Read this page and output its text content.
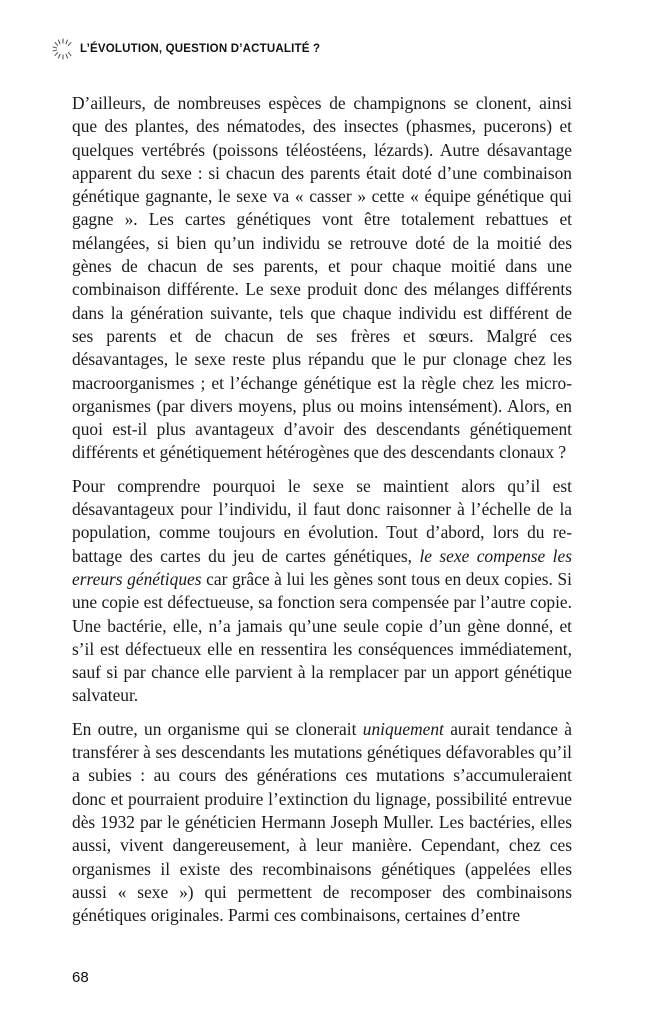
L’ÉVOLUTION, QUESTION D’ACTUALITÉ ?

D’ailleurs, de nombreuses espèces de champignons se clonent, ainsi que des plantes, des nématodes, des insectes (phasmes, pucerons) et quelques vertébrés (poissons téléostéens, lézards). Autre désavantage apparent du sexe : si chacun des parents était doté d’une combinaison génétique gagnante, le sexe va « casser » cette « équipe génétique qui gagne ». Les cartes génétiques vont être totalement rebattues et mélangées, si bien qu’un individu se retrouve doté de la moitié des gènes de chacun de ses parents, et pour chaque moitié dans une combinaison différente. Le sexe produit donc des mélanges différents dans la génération suivante, tels que chaque individu est différent de ses parents et de chacun de ses frères et sœurs. Malgré ces désavantages, le sexe reste plus répandu que le pur clonage chez les macroorganismes ; et l’échange génétique est la règle chez les microorganismes (par divers moyens, plus ou moins intensément). Alors, en quoi est-il plus avantageux d’avoir des descendants génétiquement différents et génétiquement hétérogènes que des descendants clonaux ?

Pour comprendre pourquoi le sexe se maintient alors qu’il est désavantageux pour l’individu, il faut donc raisonner à l’échelle de la population, comme toujours en évolution. Tout d’abord, lors du re-battage des cartes du jeu de cartes génétiques, le sexe compense les erreurs génétiques car grâce à lui les gènes sont tous en deux copies. Si une copie est défectueuse, sa fonction sera compensée par l’autre copie. Une bactérie, elle, n’a jamais qu’une seule copie d’un gène donné, et s’il est défectueux elle en ressentira les conséquences immédiatement, sauf si par chance elle parvient à la remplacer par un apport génétique salvateur.

En outre, un organisme qui se clonerait uniquement aurait tendance à transférer à ses descendants les mutations génétiques défavorables qu’il a subies : au cours des générations ces mutations s’accumuleraient donc et pourraient produire l’extinction du lignage, possibilité entrevue dès 1932 par le généticien Hermann Joseph Muller. Les bactéries, elles aussi, vivent dangereusement, à leur manière. Cependant, chez ces organismes il existe des recombinaisons génétiques (appelées elles aussi « sexe ») qui permettent de recomposer des combinaisons génétiques originales. Parmi ces combinaisons, certaines d’entre

68
